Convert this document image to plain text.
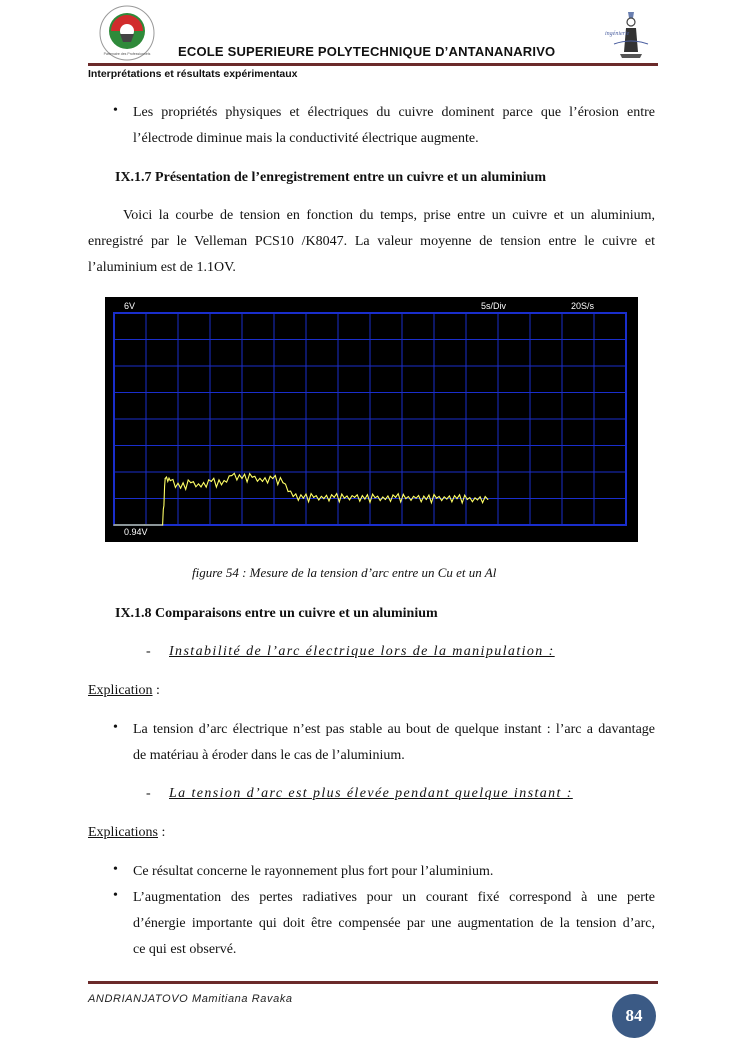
Partenaire des Professionnels
ingénierie
ECOLE SUPERIEURE POLYTECHNIQUE D’ANTANANARIVO
Interprétations et résultats expérimentaux
• Les propriétés physiques et électriques du cuivre dominent parce que l’érosion entre
l’électrode diminue mais la conductivité électrique augmente.
IX.1.7 Présentation de l’enregistrement entre un cuivre et un aluminium
Voici la courbe de tension en fonction du temps, prise entre un cuivre et un aluminium,
enregistré par le Velleman PCS10 /K8047. La valeur moyenne de tension entre le cuivre et
l’aluminium est de 1.1OV.
6V	5s/Div	20S/s
0.94V
figure 54 : Mesure de la tension d’arc entre un Cu et un Al
IX.1.8 Comparaisons entre un cuivre et un aluminium
- Instabilité de l’arc électrique lors de la manipulation :
Explication :
• La tension d’arc électrique n’est pas stable au bout de quelque instant : l’arc a davantage
de matériau à éroder dans le cas de l’aluminium.
- La tension d’arc est plus élevée pendant quelque instant :
Explications :
• Ce résultat concerne le rayonnement plus fort pour l’aluminium.
• L’augmentation des pertes radiatives pour un courant fixé correspond à une perte
d’énergie importante qui doit être compensée par une augmentation de la tension d’arc,
ce qui est observé.
ANDRIANJATOVO Mamitiana Ravaka
84
